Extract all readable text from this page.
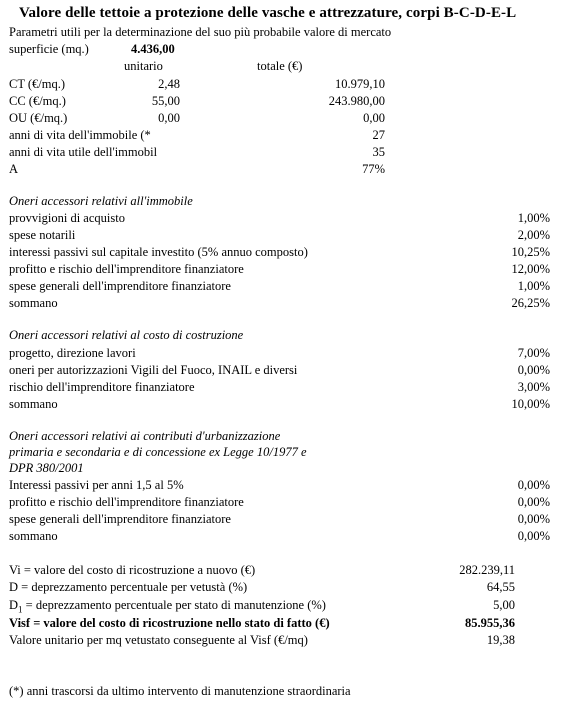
Valore delle tettoie a protezione delle vasche e attrezzature, corpi B-C-D-E-L
Parametri utili per la determinazione del suo più probabile valore di mercato
superficie (mq.)	4.436,00
unitario	totale (€)
CT (€/mq.)	2,48	10.979,10
CC (€/mq.)	55,00	243.980,00
OU (€/mq.)	0,00	0,00
anni di vita dell'immobile (*	27
anni di vita utile dell'immobil	35
A	77%
Oneri accessori relativi all'immobile
provvigioni di acquisto	1,00%
spese notarili	2,00%
interessi passivi sul capitale investito (5% annuo composto)	10,25%
profitto e rischio dell'imprenditore finanziatore	12,00%
spese generali dell'imprenditore finanziatore	1,00%
sommano	26,25%
Oneri accessori relativi al costo di costruzione
progetto, direzione lavori	7,00%
oneri per autorizzazioni Vigili del Fuoco, INAIL e diversi	0,00%
rischio dell'imprenditore finanziatore	3,00%
sommano	10,00%
Oneri accessori relativi ai contributi d'urbanizzazione
primaria e secondaria e di concessione ex Legge 10/1977 e
DPR 380/2001
Interessi passivi per anni 1,5 al 5%	0,00%
profitto e rischio dell'imprenditore finanziatore	0,00%
spese generali dell'imprenditore finanziatore	0,00%
sommano	0,00%
Vi = valore del costo di ricostruzione a nuovo (€)	282.239,11
D = deprezzamento percentuale per vetustà (%)	64,55
$D_1$ = deprezzamento percentuale per stato di manutenzione (%)	5,00
Visf = valore del costo di ricostruzione nello stato di fatto (€)	85.955,36
Valore unitario per mq vetustato conseguente al Visf (€/mq)	19,38
(*) anni trascorsi da ultimo intervento di manutenzione straordinaria
